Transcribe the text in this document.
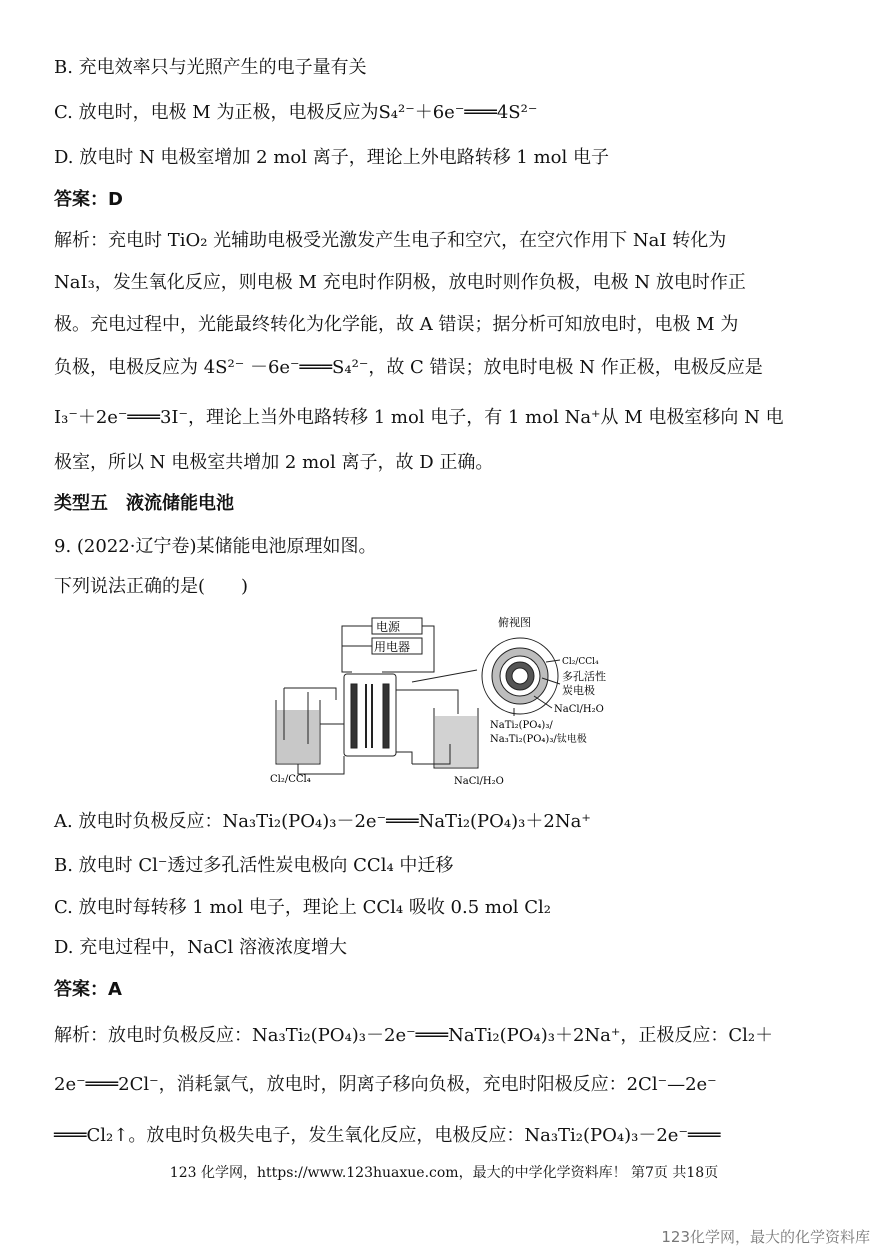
B. 充电效率只与光照产生的电子量有关
C. 放电时，电极 M 为正极，电极反应为S₄²⁻＋6e⁻═══4S²⁻
D. 放电时 N 电极室增加 2 mol 离子，理论上外电路转移 1 mol 电子
答案：D
解析：充电时 TiO₂ 光辅助电极受光激发产生电子和空穴，在空穴作用下 NaI 转化为
NaI₃，发生氧化反应，则电极 M 充电时作阴极，放电时则作负极，电极 N 放电时作正
极。充电过程中，光能最终转化为化学能，故 A 错误；据分析可知放电时，电极 M 为
负极，电极反应为 4S²⁻ －6e⁻═══S₄²⁻，故 C 错误；放电时电极 N 作正极，电极反应是
I₃⁻＋2e⁻═══3I⁻，理论上当外电路转移 1 mol 电子，有 1 mol Na⁺从 M 电极室移向 N 电
极室，所以 N 电极室共增加 2 mol 离子，故 D 正确。
类型五　液流储能电池
9. (2022·辽宁卷)某储能电池原理如图。
下列说法正确的是(　　)
电源
用电器
俯视图
Cl₂/CCl₄
多孔活性
炭电极
NaCl/H₂O
NaTi₂(PO₄)₃/
Na₃Ti₂(PO₄)₃/钛电极
Cl₂/CCl₄	NaCl/H₂O
A. 放电时负极反应：Na₃Ti₂(PO₄)₃－2e⁻═══NaTi₂(PO₄)₃＋2Na⁺
B. 放电时 Cl⁻透过多孔活性炭电极向 CCl₄ 中迁移
C. 放电时每转移 1 mol 电子，理论上 CCl₄ 吸收 0.5 mol Cl₂
D. 充电过程中，NaCl 溶液浓度增大
答案：A
解析：放电时负极反应：Na₃Ti₂(PO₄)₃－2e⁻═══NaTi₂(PO₄)₃＋2Na⁺，正极反应：Cl₂＋
2e⁻═══2Cl⁻，消耗氯气，放电时，阴离子移向负极，充电时阳极反应：2Cl⁻—2e⁻
═══Cl₂↑。放电时负极失电子，发生氧化反应，电极反应：Na₃Ti₂(PO₄)₃－2e⁻═══
123 化学网，https://www.123huaxue.com，最大的中学化学资料库！ 第7页 共18页
123化学网，最大的化学资料库
